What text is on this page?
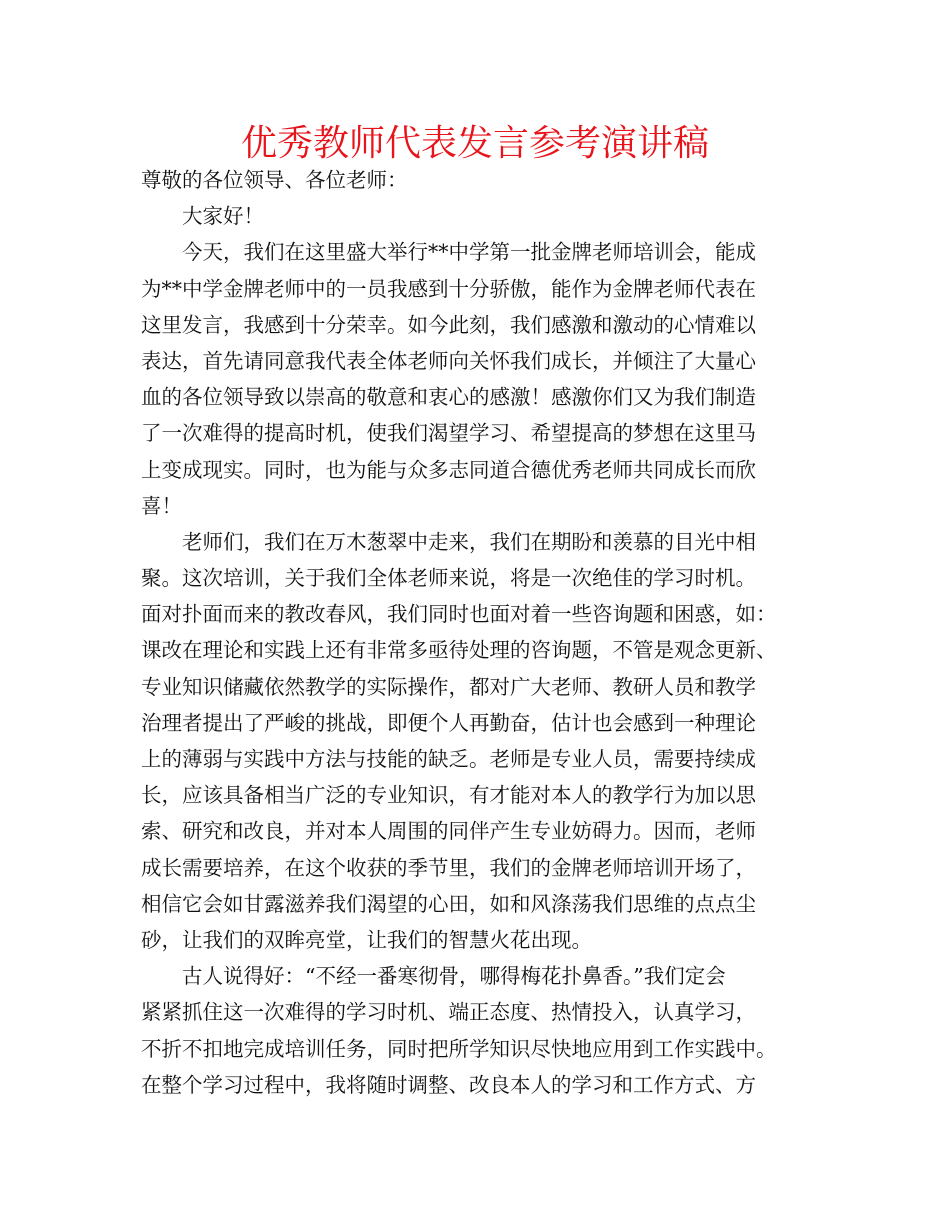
优秀教师代表发言参考演讲稿
尊敬的各位领导、各位老师：
大家好！
今天，我们在这里盛大举行**中学第一批金牌老师培训会，能成
为**中学金牌老师中的一员我感到十分骄傲，能作为金牌老师代表在
这里发言，我感到十分荣幸。如今此刻，我们感激和激动的心情难以
表达，首先请同意我代表全体老师向关怀我们成长，并倾注了大量心
血的各位领导致以崇高的敬意和衷心的感激！感激你们又为我们制造
了一次难得的提高时机，使我们渴望学习、希望提高的梦想在这里马
上变成现实。同时，也为能与众多志同道合德优秀老师共同成长而欣
喜！
老师们，我们在万木葱翠中走来，我们在期盼和羡慕的目光中相
聚。这次培训，关于我们全体老师来说，将是一次绝佳的学习时机。
面对扑面而来的教改春风，我们同时也面对着一些咨询题和困惑，如：
课改在理论和实践上还有非常多亟待处理的咨询题，不管是观念更新、
专业知识储藏依然教学的实际操作，都对广大老师、教研人员和教学
治理者提出了严峻的挑战，即便个人再勤奋，估计也会感到一种理论
上的薄弱与实践中方法与技能的缺乏。老师是专业人员，需要持续成
长，应该具备相当广泛的专业知识，有才能对本人的教学行为加以思
索、研究和改良，并对本人周围的同伴产生专业妨碍力。因而，老师
成长需要培养，在这个收获的季节里，我们的金牌老师培训开场了，
相信它会如甘露滋养我们渴望的心田，如和风涤荡我们思维的点点尘
砂，让我们的双眸亮堂，让我们的智慧火花出现。
古人说得好：“不经一番寒彻骨，哪得梅花扑鼻香。”我们定会
紧紧抓住这一次难得的学习时机、端正态度、热情投入，认真学习，
不折不扣地完成培训任务，同时把所学知识尽快地应用到工作实践中。
在整个学习过程中，我将随时调整、改良本人的学习和工作方式、方
